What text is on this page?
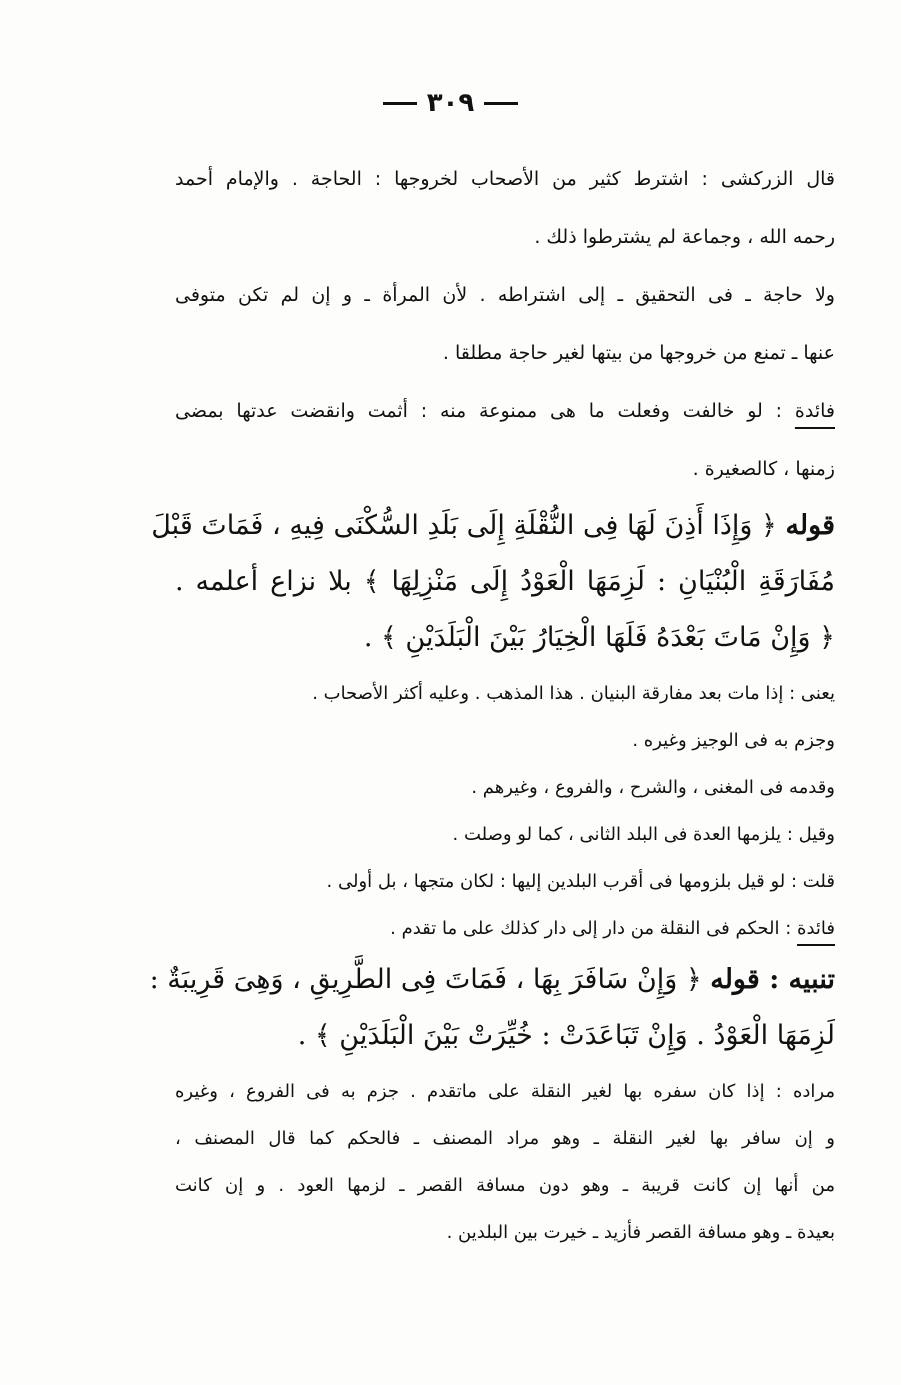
٣٠٩

قال الزركشى : اشترط كثير من الأصحاب لخروجها : الحاجة . والإمام أحمد
رحمه الله ، وجماعة لم يشترطوا ذلك .

ولا حاجة ـ فى التحقيق ـ إلى اشتراطه . لأن المرأة ـ و إن لم تكن متوفى
عنها ـ تمنع من خروجها من بيتها لغير حاجة مطلقا .

فائدة : لو خالفت وفعلت ما هى ممنوعة منه : أثمت وانقضت عدتها بمضى
زمنها ، كالصغيرة .

قوله ﴿ وَإِذَا أَذِنَ لَهَا فِى النُّقْلَةِ إِلَى بَلَدِ السُّكْنَى فِيهِ ، فَمَاتَ قَبْلَ
مُفَارَقَةِ الْبُنْيَانِ : لَزِمَهَا الْعَوْدُ إِلَى مَنْزِلِهَا ﴾ بلا نزاع أعلمه .
﴿ وَإِنْ مَاتَ بَعْدَهُ فَلَهَا الْخِيَارُ بَيْنَ الْبَلَدَيْنِ ﴾ .

يعنى : إذا مات بعد مفارقة البنيان . هذا المذهب . وعليه أكثر الأصحاب .
وجزم به فى الوجيز وغيره .
وقدمه فى المغنى ، والشرح ، والفروع ، وغيرهم .
وقيل : يلزمها العدة فى البلد الثانى ، كما لو وصلت .
قلت : لو قيل بلزومها فى أقرب البلدين إليها : لكان متجها ، بل أولى .

فائدة : الحكم فى النقلة من دار إلى دار كذلك على ما تقدم .

تنبيه : قوله ﴿ وَإِنْ سَافَرَ بِهَا ، فَمَاتَ فِى الطَّرِيقِ ، وَهِىَ قَرِيبَةٌ :
لَزِمَهَا الْعَوْدُ . وَإِنْ تَبَاعَدَتْ : خُيِّرَتْ بَيْنَ الْبَلَدَيْنِ ﴾ .

مراده : إذا كان سفره بها لغير النقلة على ماتقدم . جزم به فى الفروع ، وغيره
و إن سافر بها لغير النقلة ـ وهو مراد المصنف ـ فالحكم كما قال المصنف ،
من أنها إن كانت قريبة ـ وهو دون مسافة القصر ـ لزمها العود . و إن كانت
بعيدة ـ وهو مسافة القصر فأزيد ـ خيرت بين البلدين .
